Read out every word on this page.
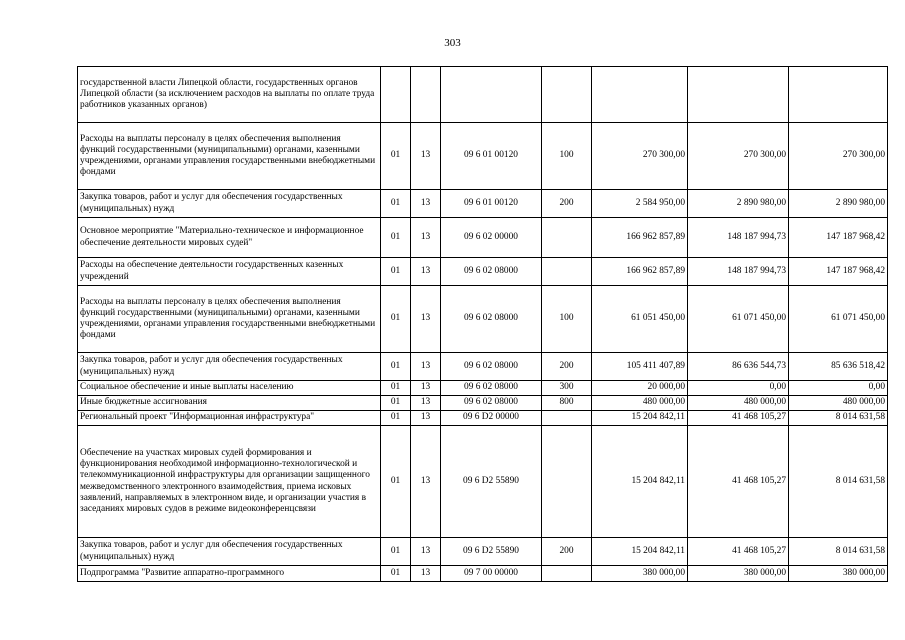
303
государственной власти Липецкой области, государственных органов Липецкой области (за исключением расходов на выплаты по оплате труда работников указанных органов)							
Расходы на выплаты персоналу в целях обеспечения выполнения функций государственными (муниципальными) органами, казенными учреждениями, органами управления государственными внебюджетными фондами	01	13	09 6 01 00120	100	270 300,00	270 300,00	270 300,00
Закупка товаров, работ и услуг для обеспечения государственных (муниципальных) нужд	01	13	09 6 01 00120	200	2 584 950,00	2 890 980,00	2 890 980,00
Основное мероприятие "Материально-техническое и информационное обеспечение деятельности мировых судей"	01	13	09 6 02 00000		166 962 857,89	148 187 994,73	147 187 968,42
Расходы на обеспечение деятельности государственных казенных учреждений	01	13	09 6 02 08000		166 962 857,89	148 187 994,73	147 187 968,42
Расходы на выплаты персоналу в целях обеспечения выполнения функций государственными (муниципальными) органами, казенными учреждениями, органами управления государственными внебюджетными фондами	01	13	09 6 02 08000	100	61 051 450,00	61 071 450,00	61 071 450,00
Закупка товаров, работ и услуг для обеспечения государственных (муниципальных) нужд	01	13	09 6 02 08000	200	105 411 407,89	86 636 544,73	85 636 518,42
Социальное обеспечение и иные выплаты населению	01	13	09 6 02 08000	300	20 000,00	0,00	0,00
Иные бюджетные ассигнования	01	13	09 6 02 08000	800	480 000,00	480 000,00	480 000,00
Региональный проект "Информационная инфраструктура"	01	13	09 6 D2 00000		15 204 842,11	41 468 105,27	8 014 631,58
Обеспечение на участках мировых судей формирования и функционирования необходимой информационно-технологической и телекоммуникационной инфраструктуры для организации защищенного межведомственного электронного взаимодействия, приема исковых заявлений, направляемых в электронном виде, и организации участия в заседаниях мировых судов в режиме видеоконференцсвязи	01	13	09 6 D2 55890		15 204 842,11	41 468 105,27	8 014 631,58
Закупка товаров, работ и услуг для обеспечения государственных (муниципальных) нужд	01	13	09 6 D2 55890	200	15 204 842,11	41 468 105,27	8 014 631,58
Подпрограмма "Развитие аппаратно-программного	01	13	09 7 00 00000		380 000,00	380 000,00	380 000,00
